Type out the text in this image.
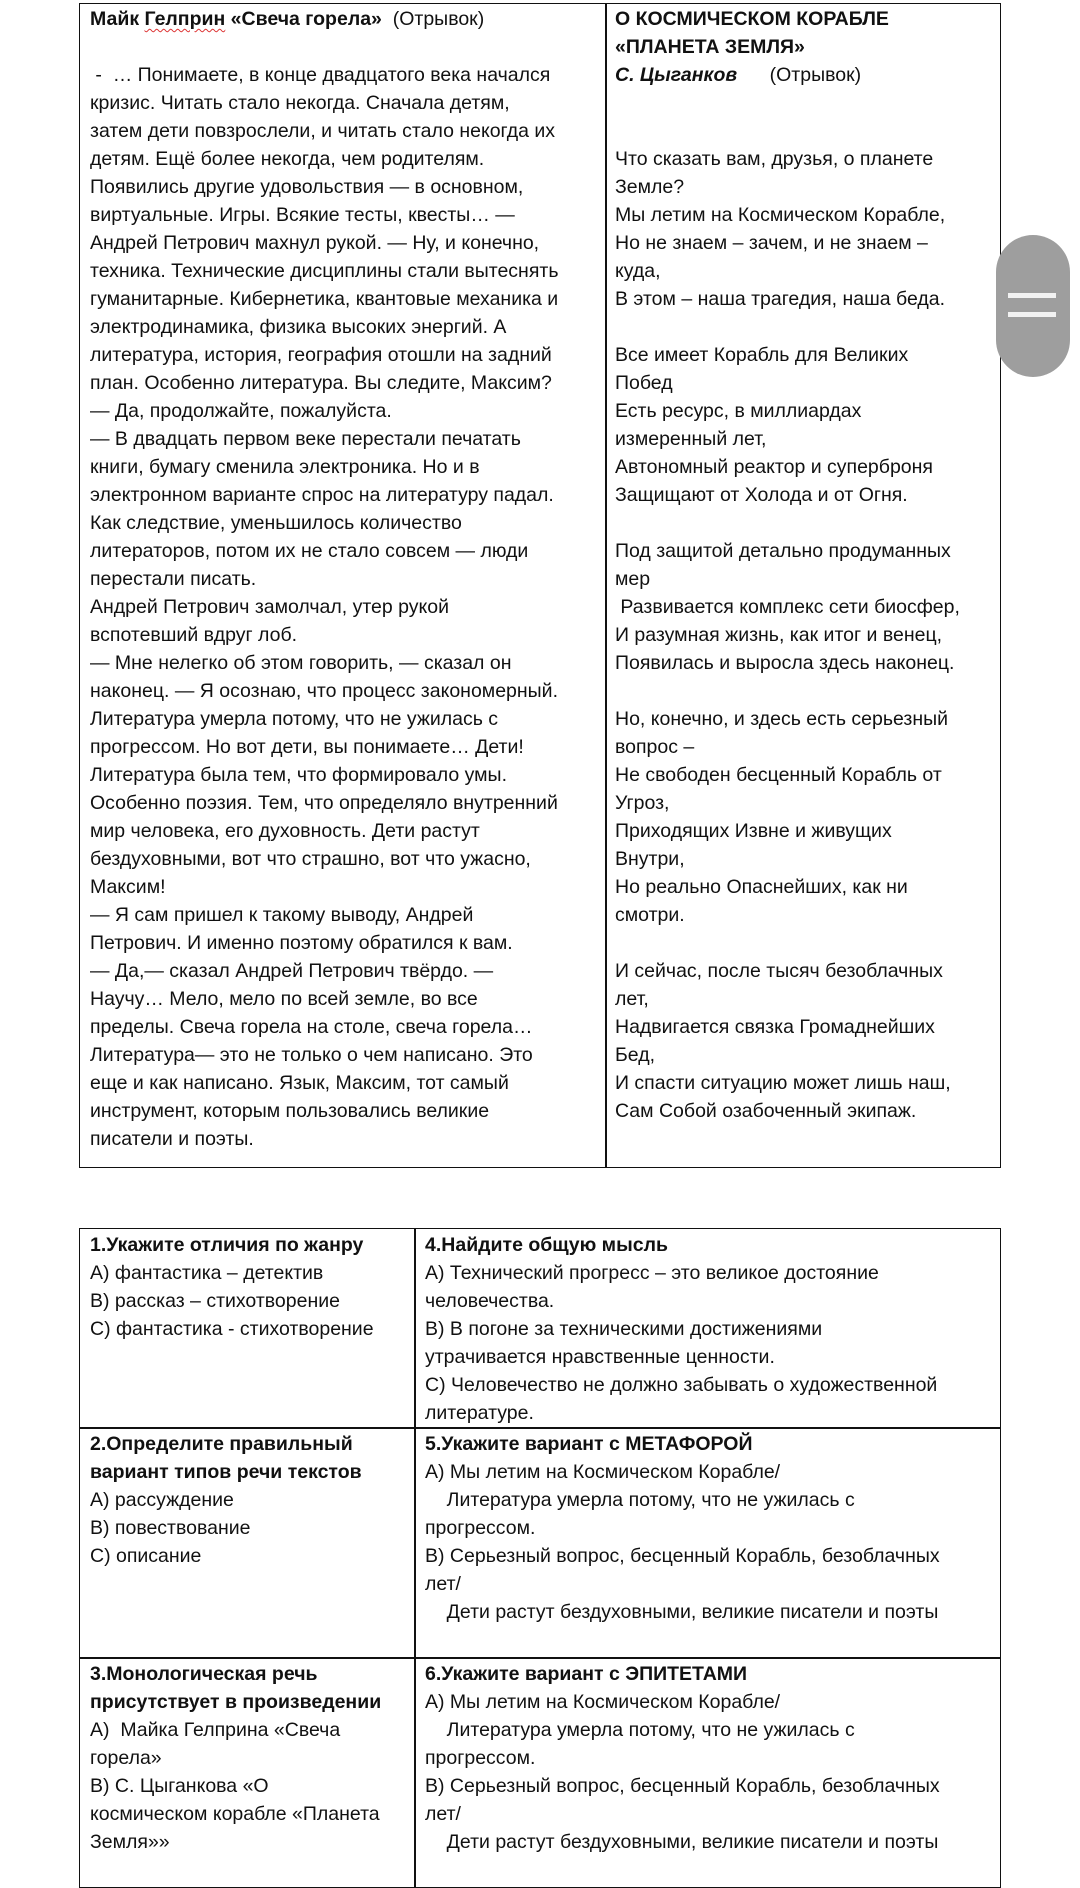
Майк Гелприн «Свеча горела»  (Отрывок)
-  … Понимаете, в конце двадцатого века начался
кризис. Читать стало некогда. Сначала детям,
затем дети повзрослели, и читать стало некогда их
детям. Ещё более некогда, чем родителям.
Появились другие удовольствия — в основном,
виртуальные. Игры. Всякие тесты, квесты… —
Андрей Петрович махнул рукой. — Ну, и конечно,
техника. Технические дисциплины стали вытеснять
гуманитарные. Кибернетика, квантовые механика и
электродинамика, физика высоких энергий. А
литература, история, география отошли на задний
план. Особенно литература. Вы следите, Максим?
— Да, продолжайте, пожалуйста.
— В двадцать первом веке перестали печатать
книги, бумагу сменила электроника. Но и в
электронном варианте спрос на литературу падал.
Как следствие, уменьшилось количество
литераторов, потом их не стало совсем — люди
перестали писать.
Андрей Петрович замолчал, утер рукой
вспотевший вдруг лоб.
— Мне нелегко об этом говорить, — сказал он
наконец. — Я осознаю, что процесс закономерный.
Литература умерла потому, что не ужилась с
прогрессом. Но вот дети, вы понимаете… Дети!
Литература была тем, что формировало умы.
Особенно поэзия. Тем, что определяло внутренний
мир человека, его духовность. Дети растут
бездуховными, вот что страшно, вот что ужасно,
Максим!
— Я сам пришел к такому выводу, Андрей
Петрович. И именно поэтому обратился к вам.
— Да,— сказал Андрей Петрович твёрдо. —
Научу… Мело, мело по всей земле, во все
пределы. Свеча горела на столе, свеча горела…
Литература— это не только о чем написано. Это
еще и как написано. Язык, Максим, тот самый
инструмент, которым пользовались великие
писатели и поэты.
О КОСМИЧЕСКОМ КОРАБЛЕ
«ПЛАНЕТА ЗЕМЛЯ»
С. Цыганков      (Отрывок)
Что сказать вам, друзья, о планете
Земле?
Мы летим на Космическом Корабле,
Но не знаем – зачем, и не знаем –
куда,
В этом – наша трагедия, наша беда.
Все имеет Корабль для Великих
Побед
Есть ресурс, в миллиардах
измеренный лет,
Автономный реактор и суперброня
Защищают от Холода и от Огня.
Под защитой детально продуманных
мер
Развивается комплекс сети биосфер,
И разумная жизнь, как итог и венец,
Появилась и выросла здесь наконец.
Но, конечно, и здесь есть серьезный
вопрос –
Не свободен бесценный Корабль от
Угроз,
Приходящих Извне и живущих
Внутри,
Но реально Опаснейших, как ни
смотри.
И сейчас, после тысяч безоблачных
лет,
Надвигается связка Громаднейших
Бед,
И спасти ситуацию может лишь наш,
Сам Собой озабоченный экипаж.
1.Укажите отличия по жанру
А) фантастика – детектив
В) рассказ – стихотворение
С) фантастика - стихотворение
4.Найдите общую мысль
А) Технический прогресс – это великое достояние
человечества.
В) В погоне за техническими достижениями
утрачивается нравственные ценности.
С) Человечество не должно забывать о художественной
литературе.
2.Определите правильный
вариант типов речи текстов
А) рассуждение
В) повествование
С) описание
5.Укажите вариант с МЕТАФОРОЙ
А) Мы летим на Космическом Корабле/
Литература умерла потому, что не ужилась с
прогрессом.
В) Серьезный вопрос, бесценный Корабль, безоблачных
лет/
Дети растут бездуховными, великие писатели и поэты
3.Монологическая речь
присутствует в произведении
А)  Майка Гелприна «Свеча
горела»
В) С. Цыганкова «О
космическом корабле «Планета
Земля»»
6.Укажите вариант с ЭПИТЕТАМИ
А) Мы летим на Космическом Корабле/
Литература умерла потому, что не ужилась с
прогрессом.
В) Серьезный вопрос, бесценный Корабль, безоблачных
лет/
Дети растут бездуховными, великие писатели и поэты
